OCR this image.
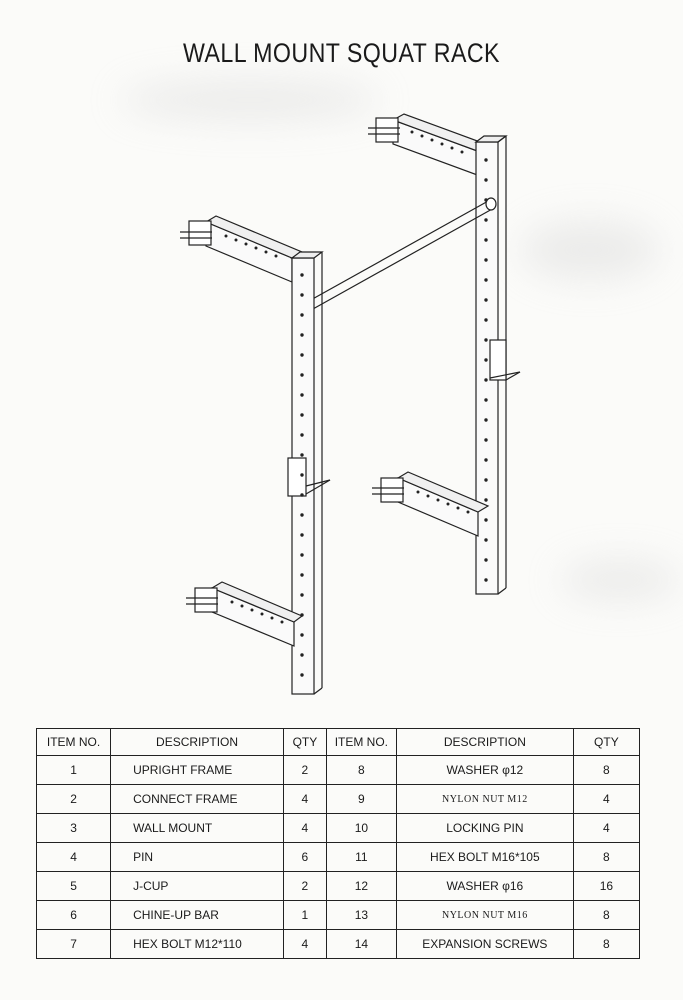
WALL MOUNT SQUAT RACK
ITEM NO.	DESCRIPTION	QTY	ITEM NO.	DESCRIPTION	QTY
1	UPRIGHT FRAME	2	8	WASHER φ12	8
2	CONNECT FRAME	4	9	NYLON NUT M12	4
3	WALL MOUNT	4	10	LOCKING PIN	4
4	PIN	6	11	HEX BOLT M16*105	8
5	J-CUP	2	12	WASHER φ16	16
6	CHINE-UP BAR	1	13	NYLON NUT M16	8
7	HEX BOLT M12*110	4	14	EXPANSION SCREWS	8
